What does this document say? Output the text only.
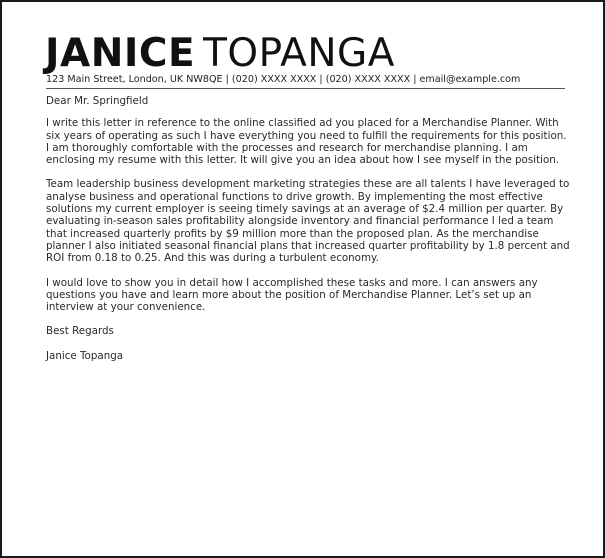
JANICE TOPANGA
123 Main Street, London, UK NW8QE | (020) XXXX XXXX | (020) XXXX XXXX | email@example.com

Dear Mr. Springfield

I write this letter in reference to the online classified ad you placed for a Merchandise Planner. With six years of operating as such I have everything you need to fulfill the requirements for this position. I am thoroughly comfortable with the processes and research for merchandise planning. I am enclosing my resume with this letter. It will give you an idea about how I see myself in the position.

Team leadership business development marketing strategies these are all talents I have leveraged to analyse business and operational functions to drive growth. By implementing the most effective solutions my current employer is seeing timely savings at an average of $2.4 million per quarter. By evaluating in-season sales profitability alongside inventory and financial performance I led a team that increased quarterly profits by $9 million more than the proposed plan. As the merchandise planner I also initiated seasonal financial plans that increased quarter profitability by 1.8 percent and ROI from 0.18 to 0.25. And this was during a turbulent economy.

I would love to show you in detail how I accomplished these tasks and more. I can answers any questions you have and learn more about the position of Merchandise Planner. Let’s set up an interview at your convenience.

Best Regards

Janice Topanga
